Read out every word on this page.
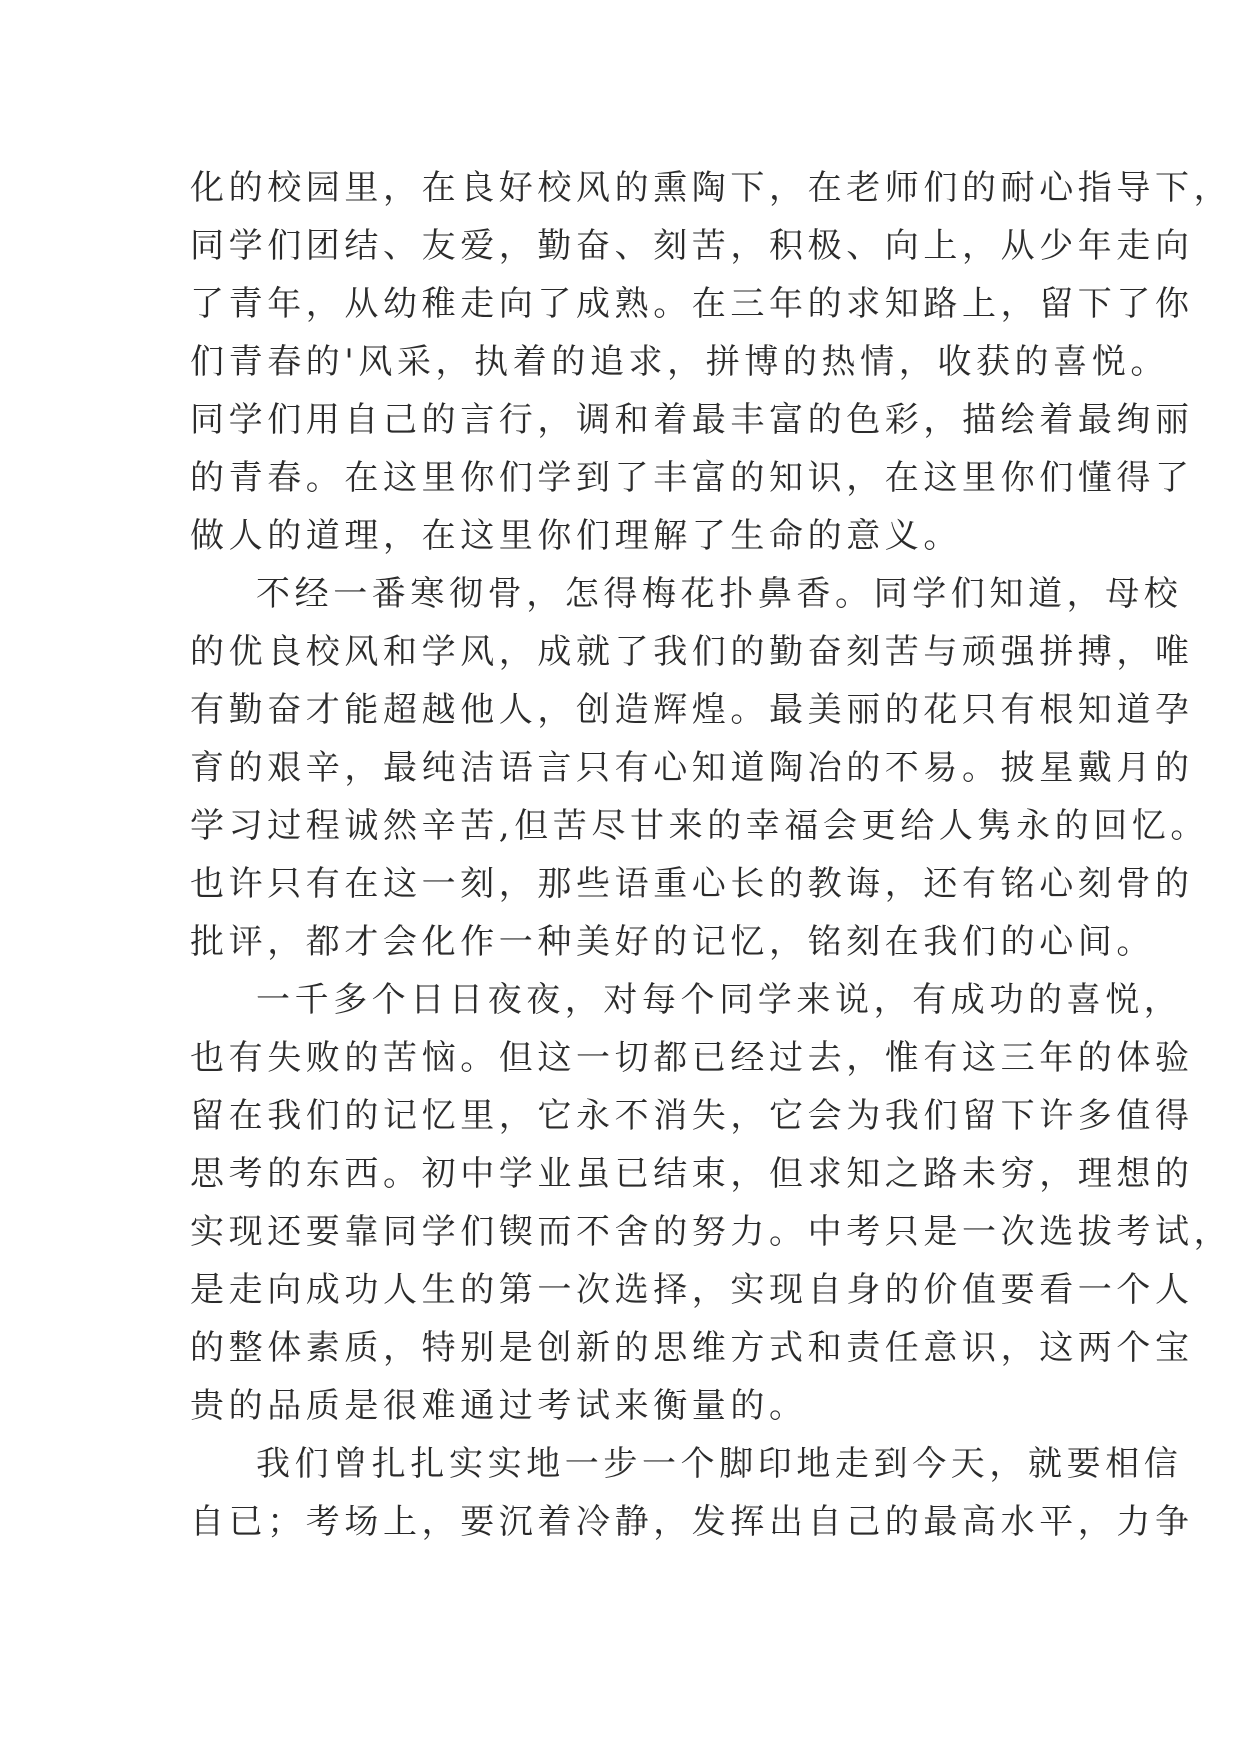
化的校园里，在良好校风的熏陶下，在老师们的耐心指导下，
同学们团结、友爱，勤奋、刻苦，积极、向上，从少年走向
了青年，从幼稚走向了成熟。在三年的求知路上，留下了你
们青春的'风采，执着的追求，拼博的热情，收获的喜悦。
同学们用自己的言行，调和着最丰富的色彩，描绘着最绚丽
的青春。在这里你们学到了丰富的知识，在这里你们懂得了
做人的道理，在这里你们理解了生命的意义。
不经一番寒彻骨，怎得梅花扑鼻香。同学们知道，母校
的优良校风和学风，成就了我们的勤奋刻苦与顽强拼搏，唯
有勤奋才能超越他人，创造辉煌。最美丽的花只有根知道孕
育的艰辛，最纯洁语言只有心知道陶冶的不易。披星戴月的
学习过程诚然辛苦,但苦尽甘来的幸福会更给人隽永的回忆。
也许只有在这一刻，那些语重心长的教诲，还有铭心刻骨的
批评，都才会化作一种美好的记忆，铭刻在我们的心间。
一千多个日日夜夜，对每个同学来说，有成功的喜悦，
也有失败的苦恼。但这一切都已经过去，惟有这三年的体验
留在我们的记忆里，它永不消失，它会为我们留下许多值得
思考的东西。初中学业虽已结束，但求知之路未穷，理想的
实现还要靠同学们锲而不舍的努力。中考只是一次选拔考试，
是走向成功人生的第一次选择，实现自身的价值要看一个人
的整体素质，特别是创新的思维方式和责任意识，这两个宝
贵的品质是很难通过考试来衡量的。
我们曾扎扎实实地一步一个脚印地走到今天，就要相信
自已；考场上，要沉着冷静，发挥出自己的最高水平，力争
